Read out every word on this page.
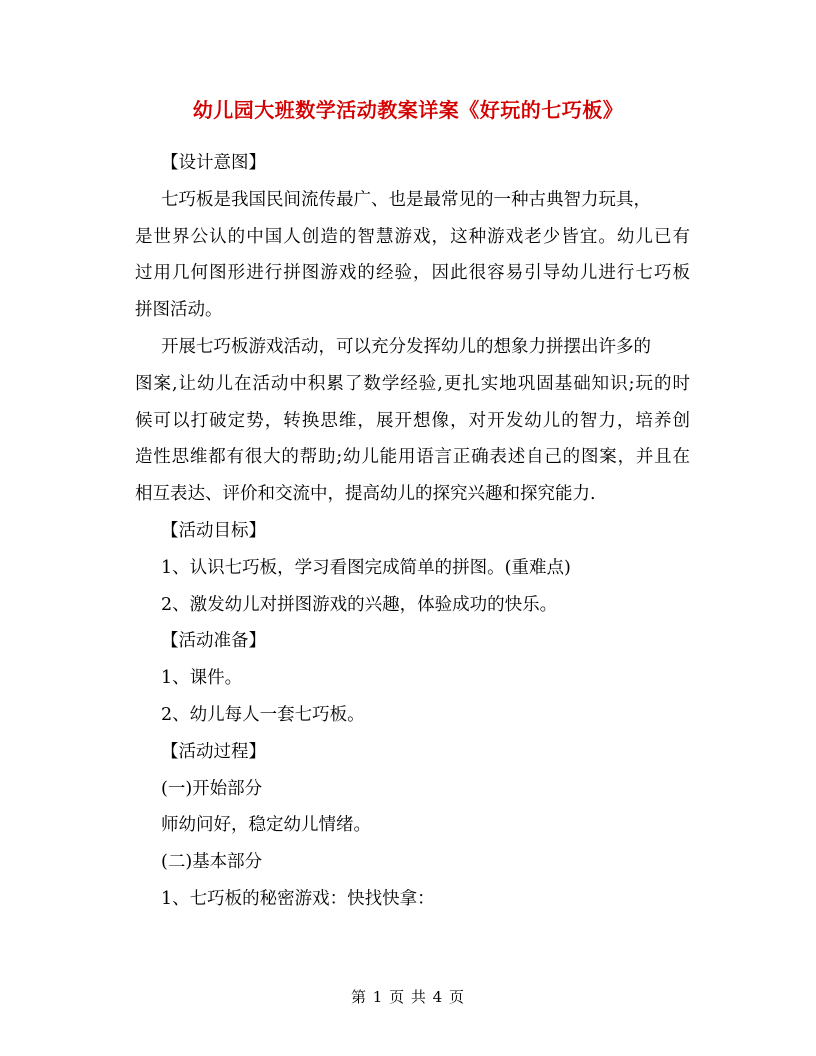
幼儿园大班数学活动教案详案《好玩的七巧板》
【设计意图】
七巧板是我国民间流传最广、也是最常见的一种古典智力玩具，
是世界公认的中国人创造的智慧游戏，这种游戏老少皆宜。幼儿已有
过用几何图形进行拼图游戏的经验，因此很容易引导幼儿进行七巧板
拼图活动。
开展七巧板游戏活动，可以充分发挥幼儿的想象力拼摆出许多的
图案,让幼儿在活动中积累了数学经验,更扎实地巩固基础知识;玩的时
候可以打破定势，转换思维，展开想像，对开发幼儿的智力，培养创
造性思维都有很大的帮助;幼儿能用语言正确表述自己的图案，并且在
相互表达、评价和交流中，提高幼儿的探究兴趣和探究能力.
【活动目标】
1、认识七巧板，学习看图完成简单的拼图。(重难点)
2、激发幼儿对拼图游戏的兴趣，体验成功的快乐。
【活动准备】
1、课件。
2、幼儿每人一套七巧板。
【活动过程】
(一)开始部分
师幼问好，稳定幼儿情绪。
(二)基本部分
1、七巧板的秘密游戏：快找快拿：
第 1 页 共 4 页
